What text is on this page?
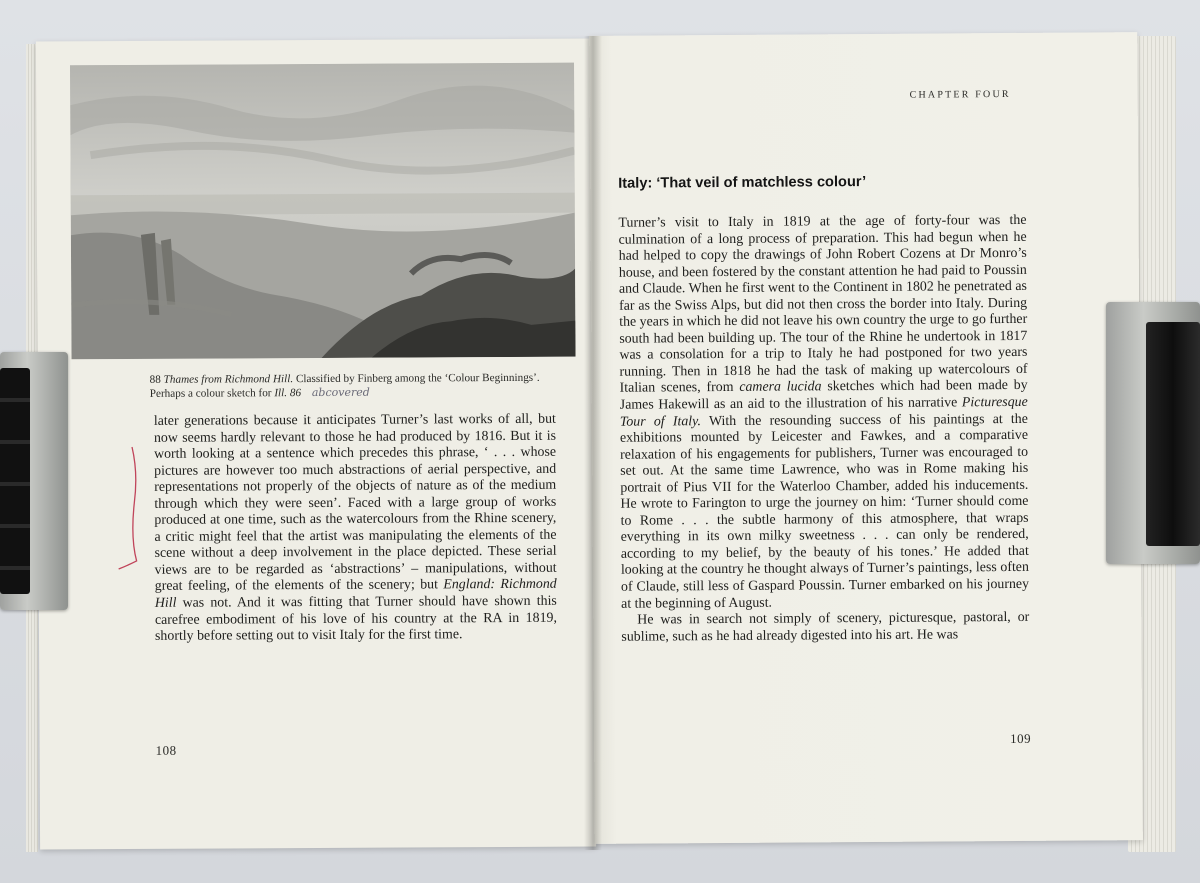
88 Thames from Richmond Hill. Classified by Finberg among the ‘Colour Beginnings’. Perhaps a colour sketch for Ill. 86 abcovered

later generations because it anticipates Turner’s last works of all, but now seems hardly relevant to those he had produced by 1816. But it is worth looking at a sentence which precedes this phrase, ‘ . . . whose pictures are however too much abstractions of aerial perspective, and representations not properly of the objects of nature as of the medium through which they were seen’. Faced with a large group of works produced at one time, such as the watercolours from the Rhine scenery, a critic might feel that the artist was manipulating the elements of the scene without a deep involvement in the place depicted. These serial views are to be regarded as ‘abstractions’ – manipulations, without great feeling, of the elements of the scenery; but England: Richmond Hill was not. And it was fitting that Turner should have shown this carefree embodiment of his love of his country at the RA in 1819, shortly before setting out to visit Italy for the first time.

108
CHAPTER FOUR
Italy: ‘That veil of matchless colour’

Turner’s visit to Italy in 1819 at the age of forty-four was the culmination of a long process of preparation. This had begun when he had helped to copy the drawings of John Robert Cozens at Dr Monro’s house, and been fostered by the constant attention he had paid to Poussin and Claude. When he first went to the Continent in 1802 he penetrated as far as the Swiss Alps, but did not then cross the border into Italy. During the years in which he did not leave his own country the urge to go further south had been building up. The tour of the Rhine he undertook in 1817 was a consolation for a trip to Italy he had postponed for two years running. Then in 1818 he had the task of making up watercolours of Italian scenes, from camera lucida sketches which had been made by James Hakewill as an aid to the illustration of his narrative Picturesque Tour of Italy. With the resounding success of his paintings at the exhibitions mounted by Leicester and Fawkes, and a comparative relaxation of his engagements for publishers, Turner was encouraged to set out. At the same time Lawrence, who was in Rome making his portrait of Pius VII for the Waterloo Chamber, added his inducements. He wrote to Farington to urge the journey on him: ‘Turner should come to Rome . . . the subtle harmony of this atmosphere, that wraps everything in its own milky sweetness . . . can only be rendered, according to my belief, by the beauty of his tones.’ He added that looking at the country he thought always of Turner’s paintings, less often of Claude, still less of Gaspard Poussin. Turner embarked on his journey at the beginning of August.

He was in search not simply of scenery, picturesque, pastoral, or sublime, such as he had already digested into his art. He was

109
